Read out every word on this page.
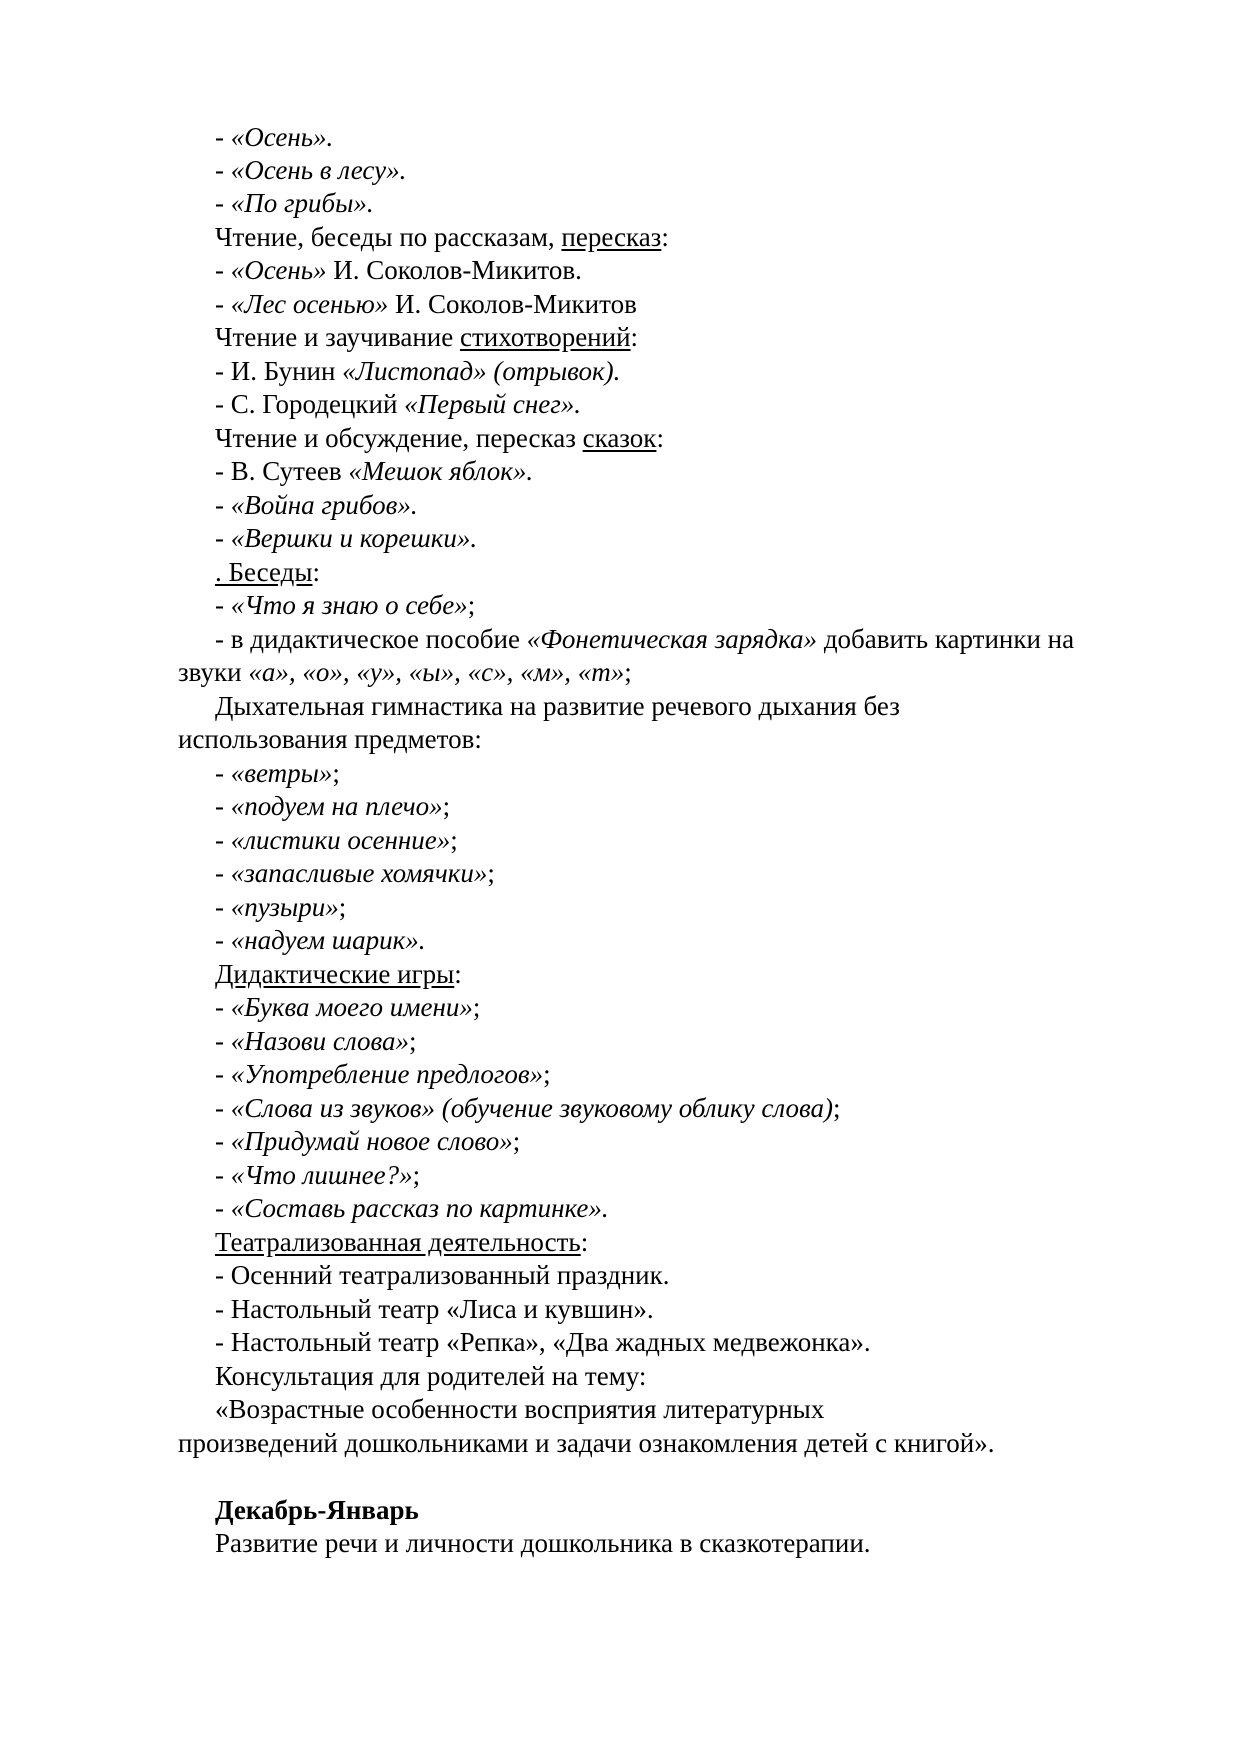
- «Осень».
- «Осень в лесу».
- «По грибы».
Чтение, беседы по рассказам, пересказ:
- «Осень» И. Соколов-Микитов.
- «Лес осенью» И. Соколов-Микитов
Чтение и заучивание стихотворений:
- И. Бунин «Листопад» (отрывок).
- С. Городецкий «Первый снег».
Чтение и обсуждение, пересказ сказок:
- В. Сутеев «Мешок яблок».
- «Война грибов».
- «Вершки и корешки».
. Беседы:
- «Что я знаю о себе»;
- в дидактическое пособие «Фонетическая зарядка» добавить картинки на
звуки «а», «о», «у», «ы», «с», «м», «т»;
Дыхательная гимнастика на развитие речевого дыхания без
использования предметов:
- «ветры»;
- «подуем на плечо»;
- «листики осенние»;
- «запасливые хомячки»;
- «пузыри»;
- «надуем шарик».
Дидактические игры:
- «Буква моего имени»;
- «Назови слова»;
- «Употребление предлогов»;
- «Слова из звуков» (обучение звуковому облику слова);
- «Придумай новое слово»;
- «Что лишнее?»;
- «Составь рассказ по картинке».
Театрализованная деятельность:
- Осенний театрализованный праздник.
- Настольный театр «Лиса и кувшин».
- Настольный театр «Репка», «Два жадных медвежонка».
Консультация для родителей на тему:
«Возрастные особенности восприятия литературных
произведений дошкольниками и задачи ознакомления детей с книгой».
Декабрь-Январь
Развитие речи и личности дошкольника в сказкотерапии.
